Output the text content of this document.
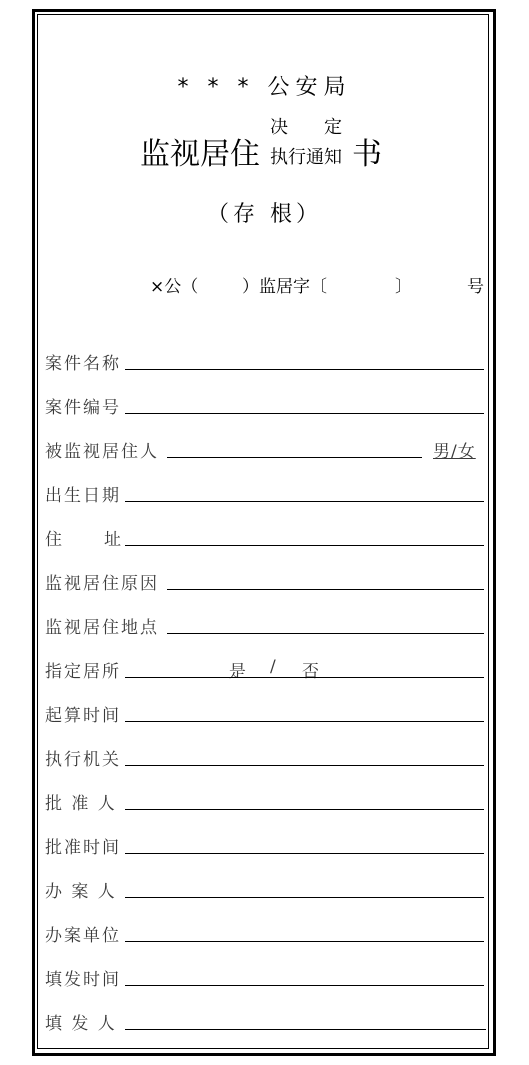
* * * 公安局
监视居住
决　　定
执行通知 书
（存 根）
×公（	）监居字〔	〕	号
案件名称
案件编号
被监视居住人	男/女
出生日期
住 址
监视居住原因
监视居住地点
指定居所	是 / 否
起算时间
执行机关
批 准 人
批准时间
办 案 人
办案单位
填发时间
填 发 人
